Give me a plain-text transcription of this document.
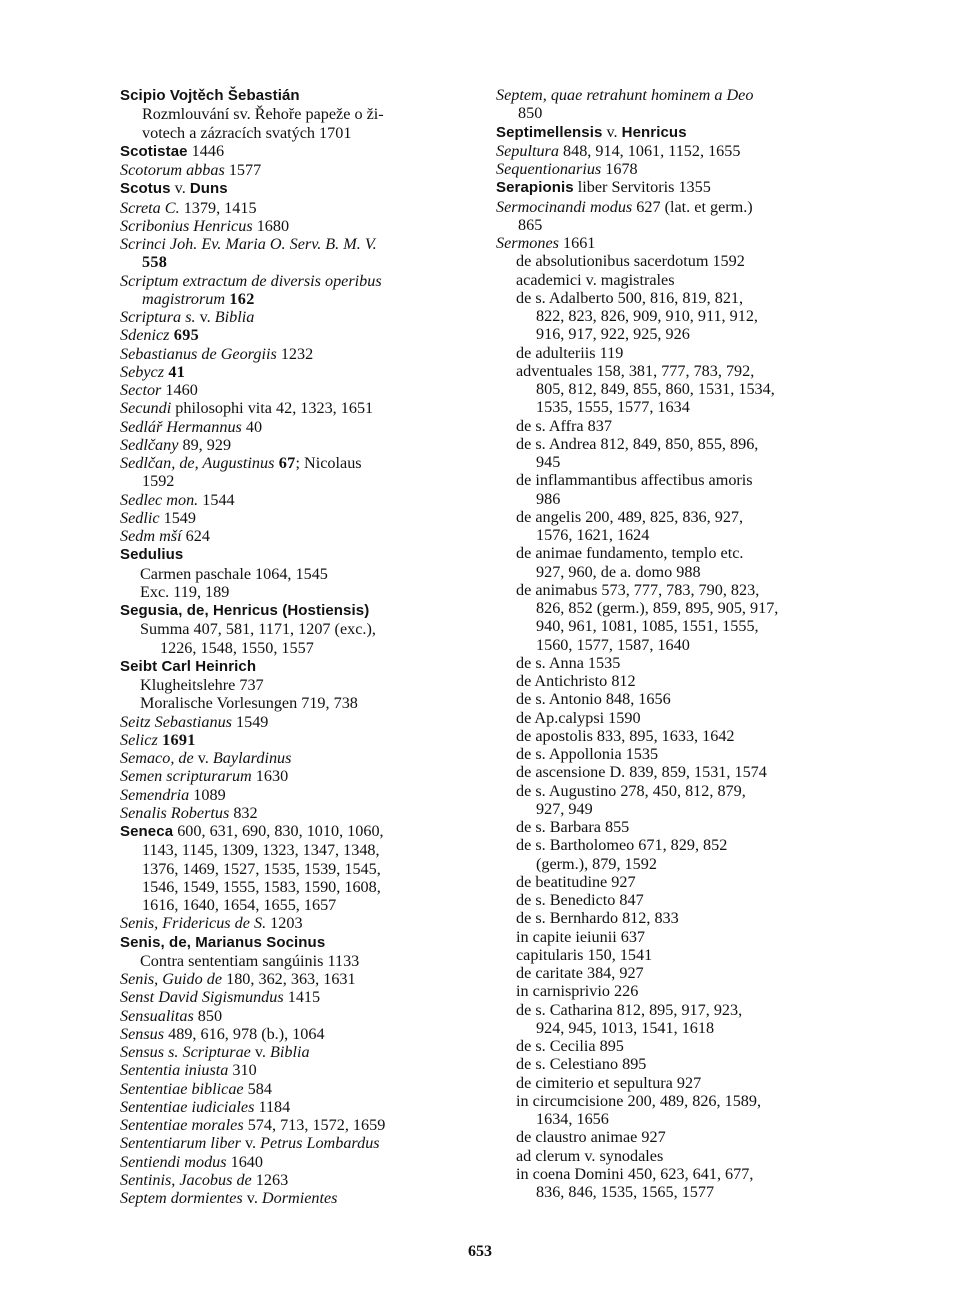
Scipio Vojtěch Šebastián
Rozmlouvání sv. Řehoře papeže o ži-
votech a zázracích svatých 1701
Scotistae 1446
Scotorum abbas 1577
Scotus v. Duns
Screta C. 1379, 1415
Scribonius Henricus 1680
Scrinci Joh. Ev. Maria O. Serv. B. M. V.
558
Scriptum extractum de diversis operibus
magistrorum 162
Scriptura s. v. Biblia
Sdenicz 695
Sebastianus de Georgiis 1232
Sebycz 41
Sector 1460
Secundi philosophi vita 42, 1323, 1651
Sedlář Hermannus 40
Sedlčany 89, 929
Sedlčan, de, Augustinus 67; Nicolaus
1592
Sedlec mon. 1544
Sedlic 1549
Sedm mší 624
Sedulius
Carmen paschale 1064, 1545
Exc. 119, 189
Segusia, de, Henricus (Hostiensis)
Summa 407, 581, 1171, 1207 (exc.),
1226, 1548, 1550, 1557
Seibt Carl Heinrich
Klugheitslehre 737
Moralische Vorlesungen 719, 738
Seitz Sebastianus 1549
Selicz 1691
Semaco, de v. Baylardinus
Semen scripturarum 1630
Semendria 1089
Senalis Robertus 832
Seneca 600, 631, 690, 830, 1010, 1060,
1143, 1145, 1309, 1323, 1347, 1348,
1376, 1469, 1527, 1535, 1539, 1545,
1546, 1549, 1555, 1583, 1590, 1608,
1616, 1640, 1654, 1655, 1657
Senis, Fridericus de S. 1203
Senis, de, Marianus Socinus
Contra sententiam sangúinis 1133
Senis, Guido de 180, 362, 363, 1631
Senst David Sigismundus 1415
Sensualitas 850
Sensus 489, 616, 978 (b.), 1064
Sensus s. Scripturae v. Biblia
Sententia iniusta 310
Sententiae biblicae 584
Sententiae iudiciales 1184
Sententiae morales 574, 713, 1572, 1659
Sententiarum liber v. Petrus Lombardus
Sentiendi modus 1640
Sentinis, Jacobus de 1263
Septem dormientes v. Dormientes
Septem, quae retrahunt hominem a Deo
850
Septimellensis v. Henricus
Sepultura 848, 914, 1061, 1152, 1655
Sequentionarius 1678
Serapionis liber Servitoris 1355
Sermocinandi modus 627 (lat. et germ.)
865
Sermones 1661
de absolutionibus sacerdotum 1592
academici v. magistrales
de s. Adalberto 500, 816, 819, 821,
822, 823, 826, 909, 910, 911, 912,
916, 917, 922, 925, 926
de adulteriis 119
adventuales 158, 381, 777, 783, 792,
805, 812, 849, 855, 860, 1531, 1534,
1535, 1555, 1577, 1634
de s. Affra 837
de s. Andrea 812, 849, 850, 855, 896,
945
de inflammantibus affectibus amoris
986
de angelis 200, 489, 825, 836, 927,
1576, 1621, 1624
de animae fundamento, templo etc.
927, 960, de a. domo 988
de animabus 573, 777, 783, 790, 823,
826, 852 (germ.), 859, 895, 905, 917,
940, 961, 1081, 1085, 1551, 1555,
1560, 1577, 1587, 1640
de s. Anna 1535
de Antichristo 812
de s. Antonio 848, 1656
de Ap.calypsi 1590
de apostolis 833, 895, 1633, 1642
de s. Appollonia 1535
de ascensione D. 839, 859, 1531, 1574
de s. Augustino 278, 450, 812, 879,
927, 949
de s. Barbara 855
de s. Bartholomeo 671, 829, 852
(germ.), 879, 1592
de beatitudine 927
de s. Benedicto 847
de s. Bernhardo 812, 833
in capite ieiunii 637
capitularis 150, 1541
de caritate 384, 927
in carnisprivio 226
de s. Catharina 812, 895, 917, 923,
924, 945, 1013, 1541, 1618
de s. Cecilia 895
de s. Celestiano 895
de cimiterio et sepultura 927
in circumcisione 200, 489, 826, 1589,
1634, 1656
de claustro animae 927
ad clerum v. synodales
in coena Domini 450, 623, 641, 677,
836, 846, 1535, 1565, 1577
653
